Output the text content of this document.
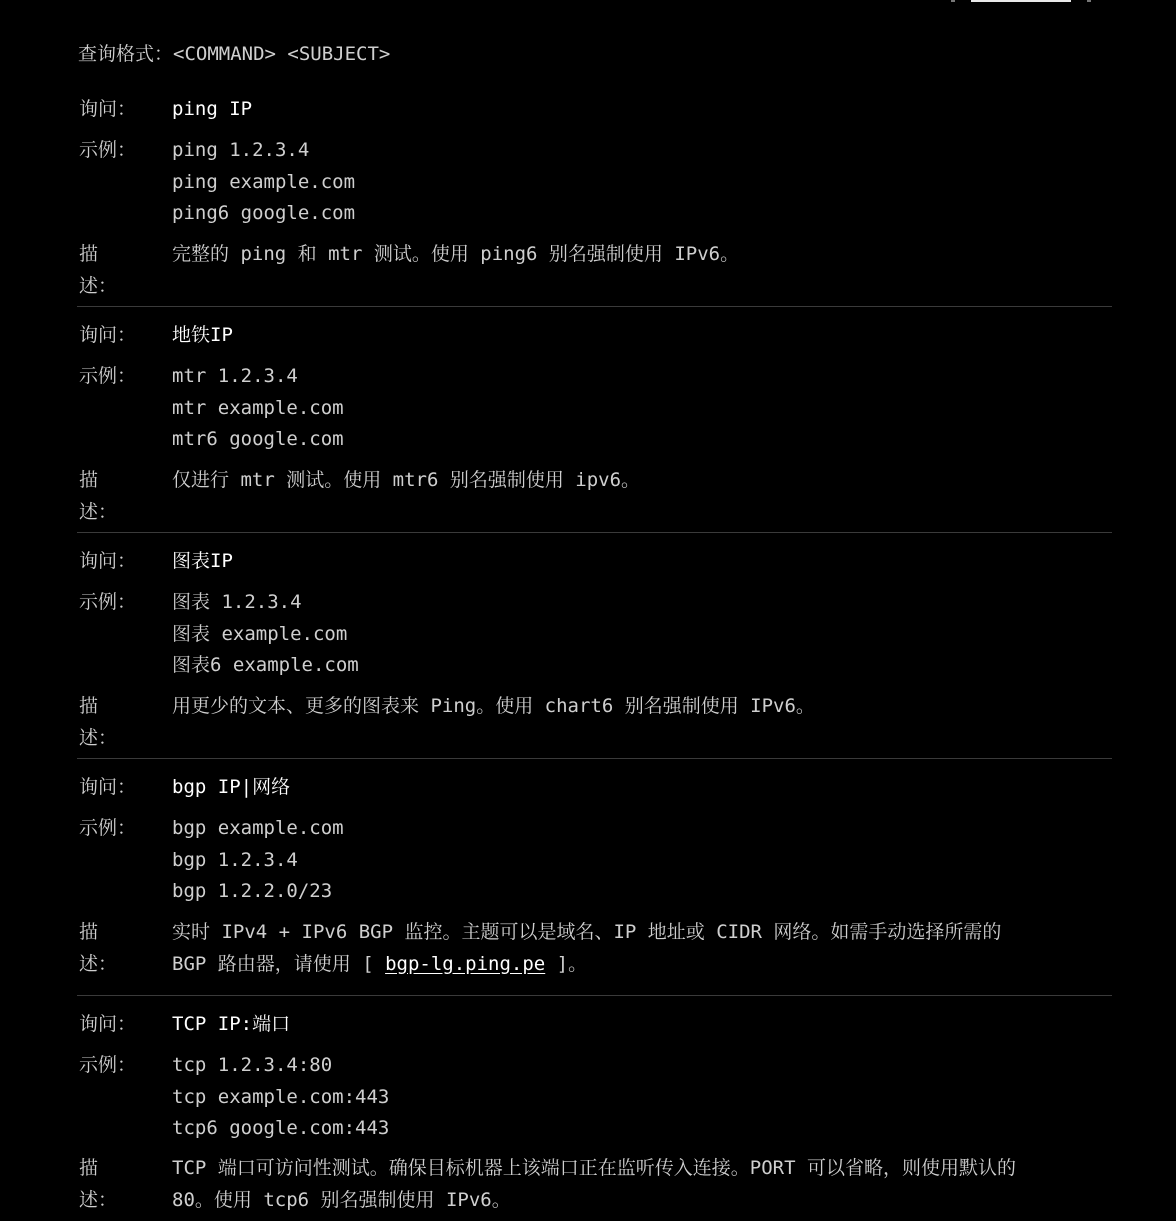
查询格式：<COMMAND> <SUBJECT>
询问： ping IP
示例： ping 1.2.3.4
ping example.com
ping6 google.com
描述：
完整的 ping 和 mtr 测试。使用 ping6 别名强制使用 IPv6。
询问： 地铁IP
示例： mtr 1.2.3.4
mtr example.com
mtr6 google.com
描述：
仅进行 mtr 测试。使用 mtr6 别名强制使用 ipv6。
询问： 图表IP
示例： 图表 1.2.3.4
图表 example.com
图表6 example.com
描述：
用更少的文本、更多的图表来 Ping。使用 chart6 别名强制使用 IPv6。
询问： bgp IP|网络
示例： bgp example.com
bgp 1.2.3.4
bgp 1.2.2.0/23
描述：
实时 IPv4 + IPv6 BGP 监控。主题可以是域名、IP 地址或 CIDR 网络。如需手动选择所需的
BGP 路由器，请使用 [ bgp-lg.ping.pe ]。
询问： TCP IP:端口
示例： tcp 1.2.3.4:80
tcp example.com:443
tcp6 google.com:443
描述：
TCP 端口可访问性测试。确保目标机器上该端口正在监听传入连接。PORT 可以省略，则使用默认的
80。使用 tcp6 别名强制使用 IPv6。
